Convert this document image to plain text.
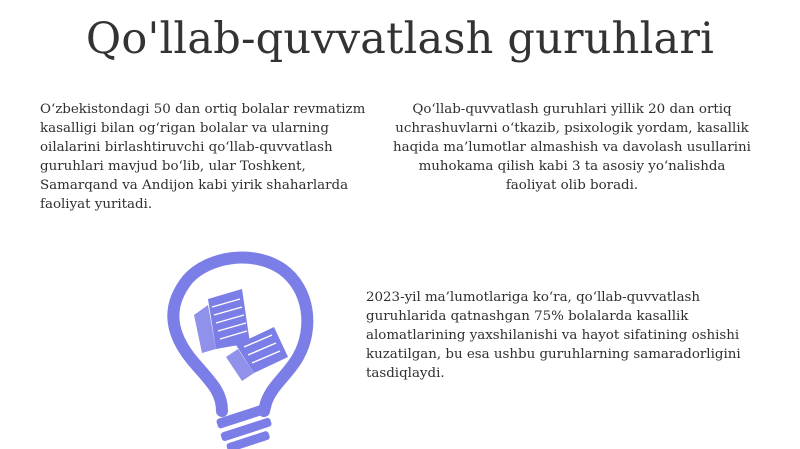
Qo'llab-quvvatlash guruhlari

O‘zbekistondagi 50 dan ortiq bolalar revmatizm kasalligi bilan og‘rigan bolalar va ularning oilalarini birlashtiruvchi qo‘llab-quvvatlash guruhlari mavjud bo‘lib, ular Toshkent, Samarqand va Andijon kabi yirik shaharlarda faoliyat yuritadi.

Qo‘llab-quvvatlash guruhlari yillik 20 dan ortiq uchrashuvlarni o‘tkazib, psixologik yordam, kasallik haqida ma’lumotlar almashish va davolash usullarini muhokama qilish kabi 3 ta asosiy yo‘nalishda faoliyat olib boradi.

2023-yil ma’lumotlariga ko‘ra, qo‘llab-quvvatlash guruhlarida qatnashgan 75% bolalarda kasallik alomatlarining yaxshilanishi va hayot sifatining oshishi kuzatilgan, bu esa ushbu guruhlarning samaradorligini tasdiqlaydi.
